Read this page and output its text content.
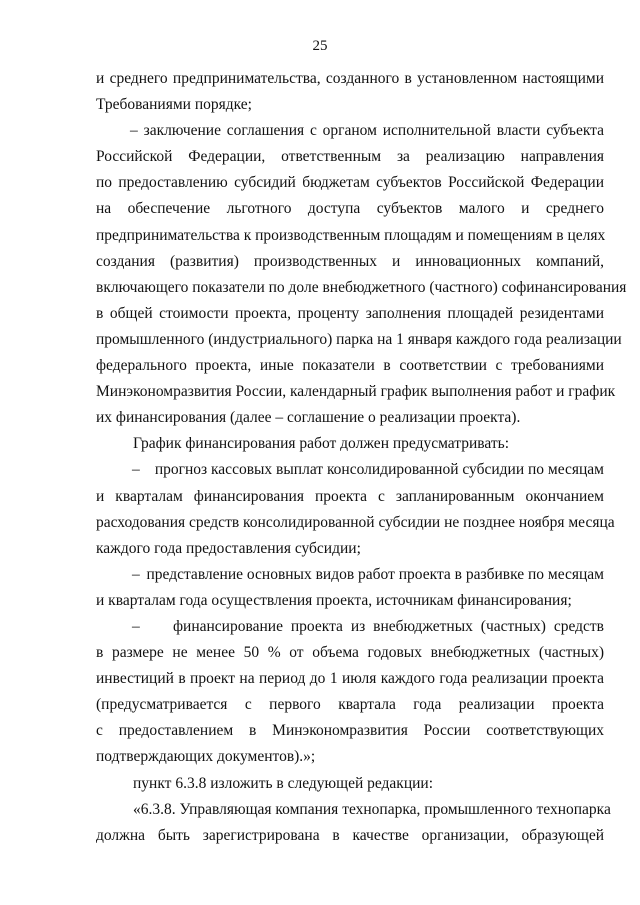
25
и среднего предпринимательства, созданного в установленном настоящими
Требованиями порядке;
– заключение соглашения с органом исполнительной власти субъекта
Российской Федерации, ответственным за реализацию направления
по предоставлению субсидий бюджетам субъектов Российской Федерации
на обеспечение льготного доступа субъектов малого и среднего
предпринимательства к производственным площадям и помещениям в целях
создания (развития) производственных и инновационных компаний,
включающего показатели по доле внебюджетного (частного) софинансирования
в общей стоимости проекта, проценту заполнения площадей резидентами
промышленного (индустриального) парка на 1 января каждого года реализации
федерального проекта, иные показатели в соответствии с требованиями
Минэкономразвития России, календарный график выполнения работ и график
их финансирования (далее – соглашение о реализации проекта).
График финансирования работ должен предусматривать:
– прогноз кассовых выплат консолидированной субсидии по месяцам
и кварталам финансирования проекта с запланированным окончанием
расходования средств консолидированной субсидии не позднее ноября месяца
каждого года предоставления субсидии;
– представление основных видов работ проекта в разбивке по месяцам
и кварталам года осуществления проекта, источникам финансирования;
– финансирование проекта из внебюджетных (частных) средств
в размере не менее 50 % от объема годовых внебюджетных (частных)
инвестиций в проект на период до 1 июля каждого года реализации проекта
(предусматривается с первого квартала года реализации проекта
с предоставлением в Минэкономразвития России соответствующих
подтверждающих документов).»;
пункт 6.3.8 изложить в следующей редакции:
«6.3.8. Управляющая компания технопарка, промышленного технопарка
должна быть зарегистрирована в качестве организации, образующей
